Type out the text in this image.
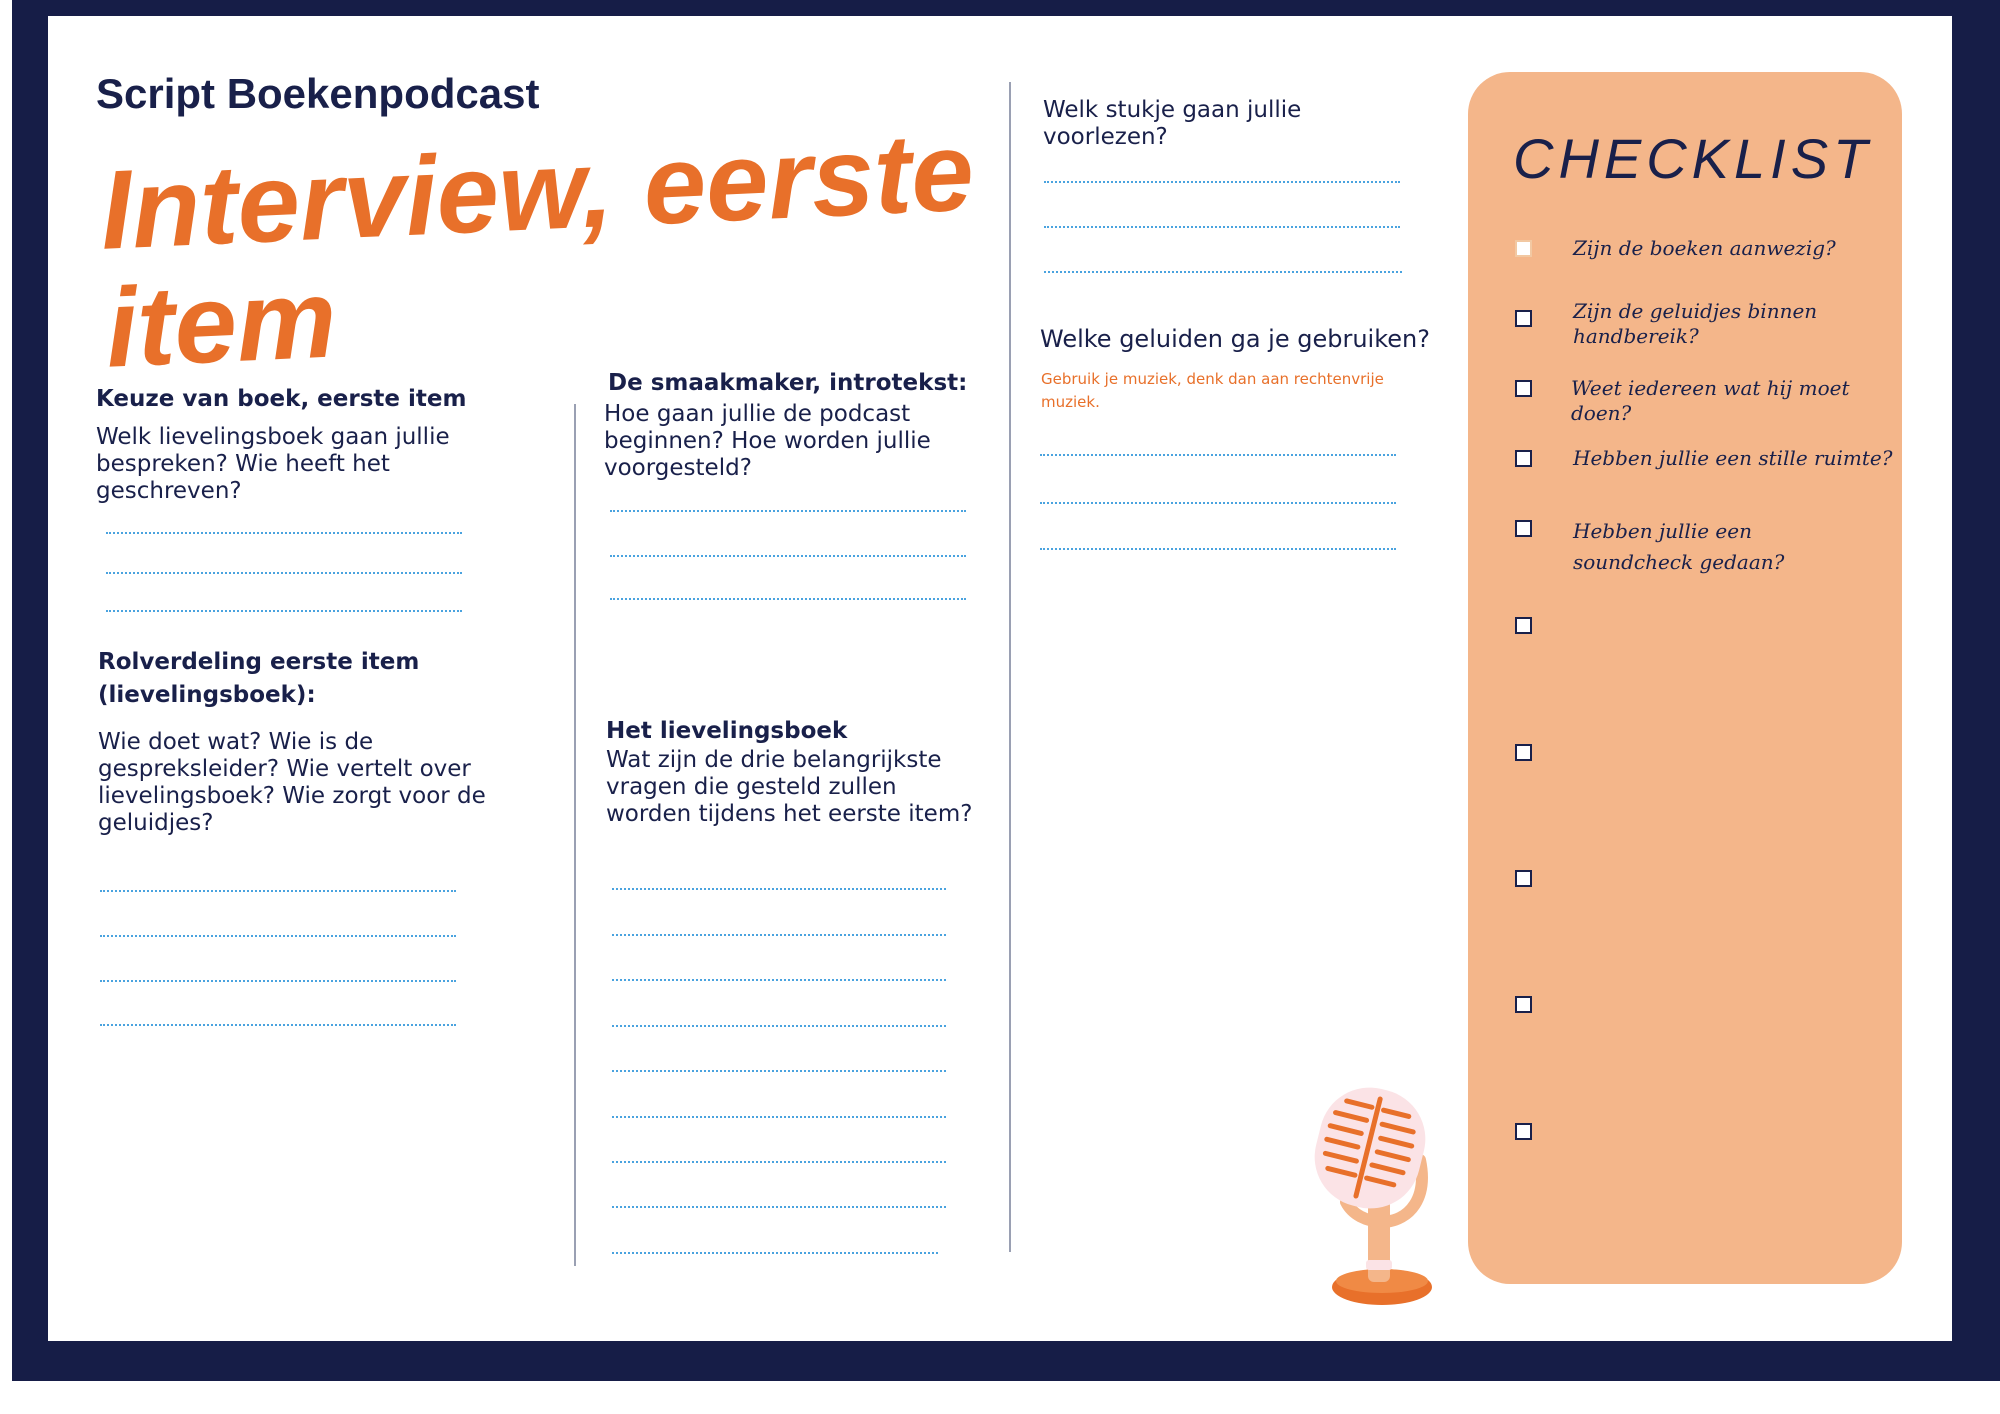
Script Boekenpodcast
Interview, eerste
item
Keuze van boek, eerste item
Welk lievelingsboek gaan jullie bespreken? Wie heeft het geschreven?
Rolverdeling eerste item (lievelingsboek):
Wie doet wat? Wie is de gespreksleider? Wie vertelt over lievelingsboek? Wie zorgt voor de geluidjes?
De smaakmaker, introtekst:
Hoe gaan jullie de podcast beginnen? Hoe worden jullie voorgesteld?
Het lievelingsboek
Wat zijn de drie belangrijkste vragen die gesteld zullen worden tijdens het eerste item?
Welk stukje gaan jullie voorlezen?
Welke geluiden ga je gebruiken?
Gebruik je muziek, denk dan aan rechtenvrije muziek.
CHECKLIST
Zijn de boeken aanwezig?
Zijn de geluidjes binnen handbereik?
Weet iedereen wat hij moet doen?
Hebben jullie een stille ruimte?
Hebben jullie een soundcheck gedaan?
